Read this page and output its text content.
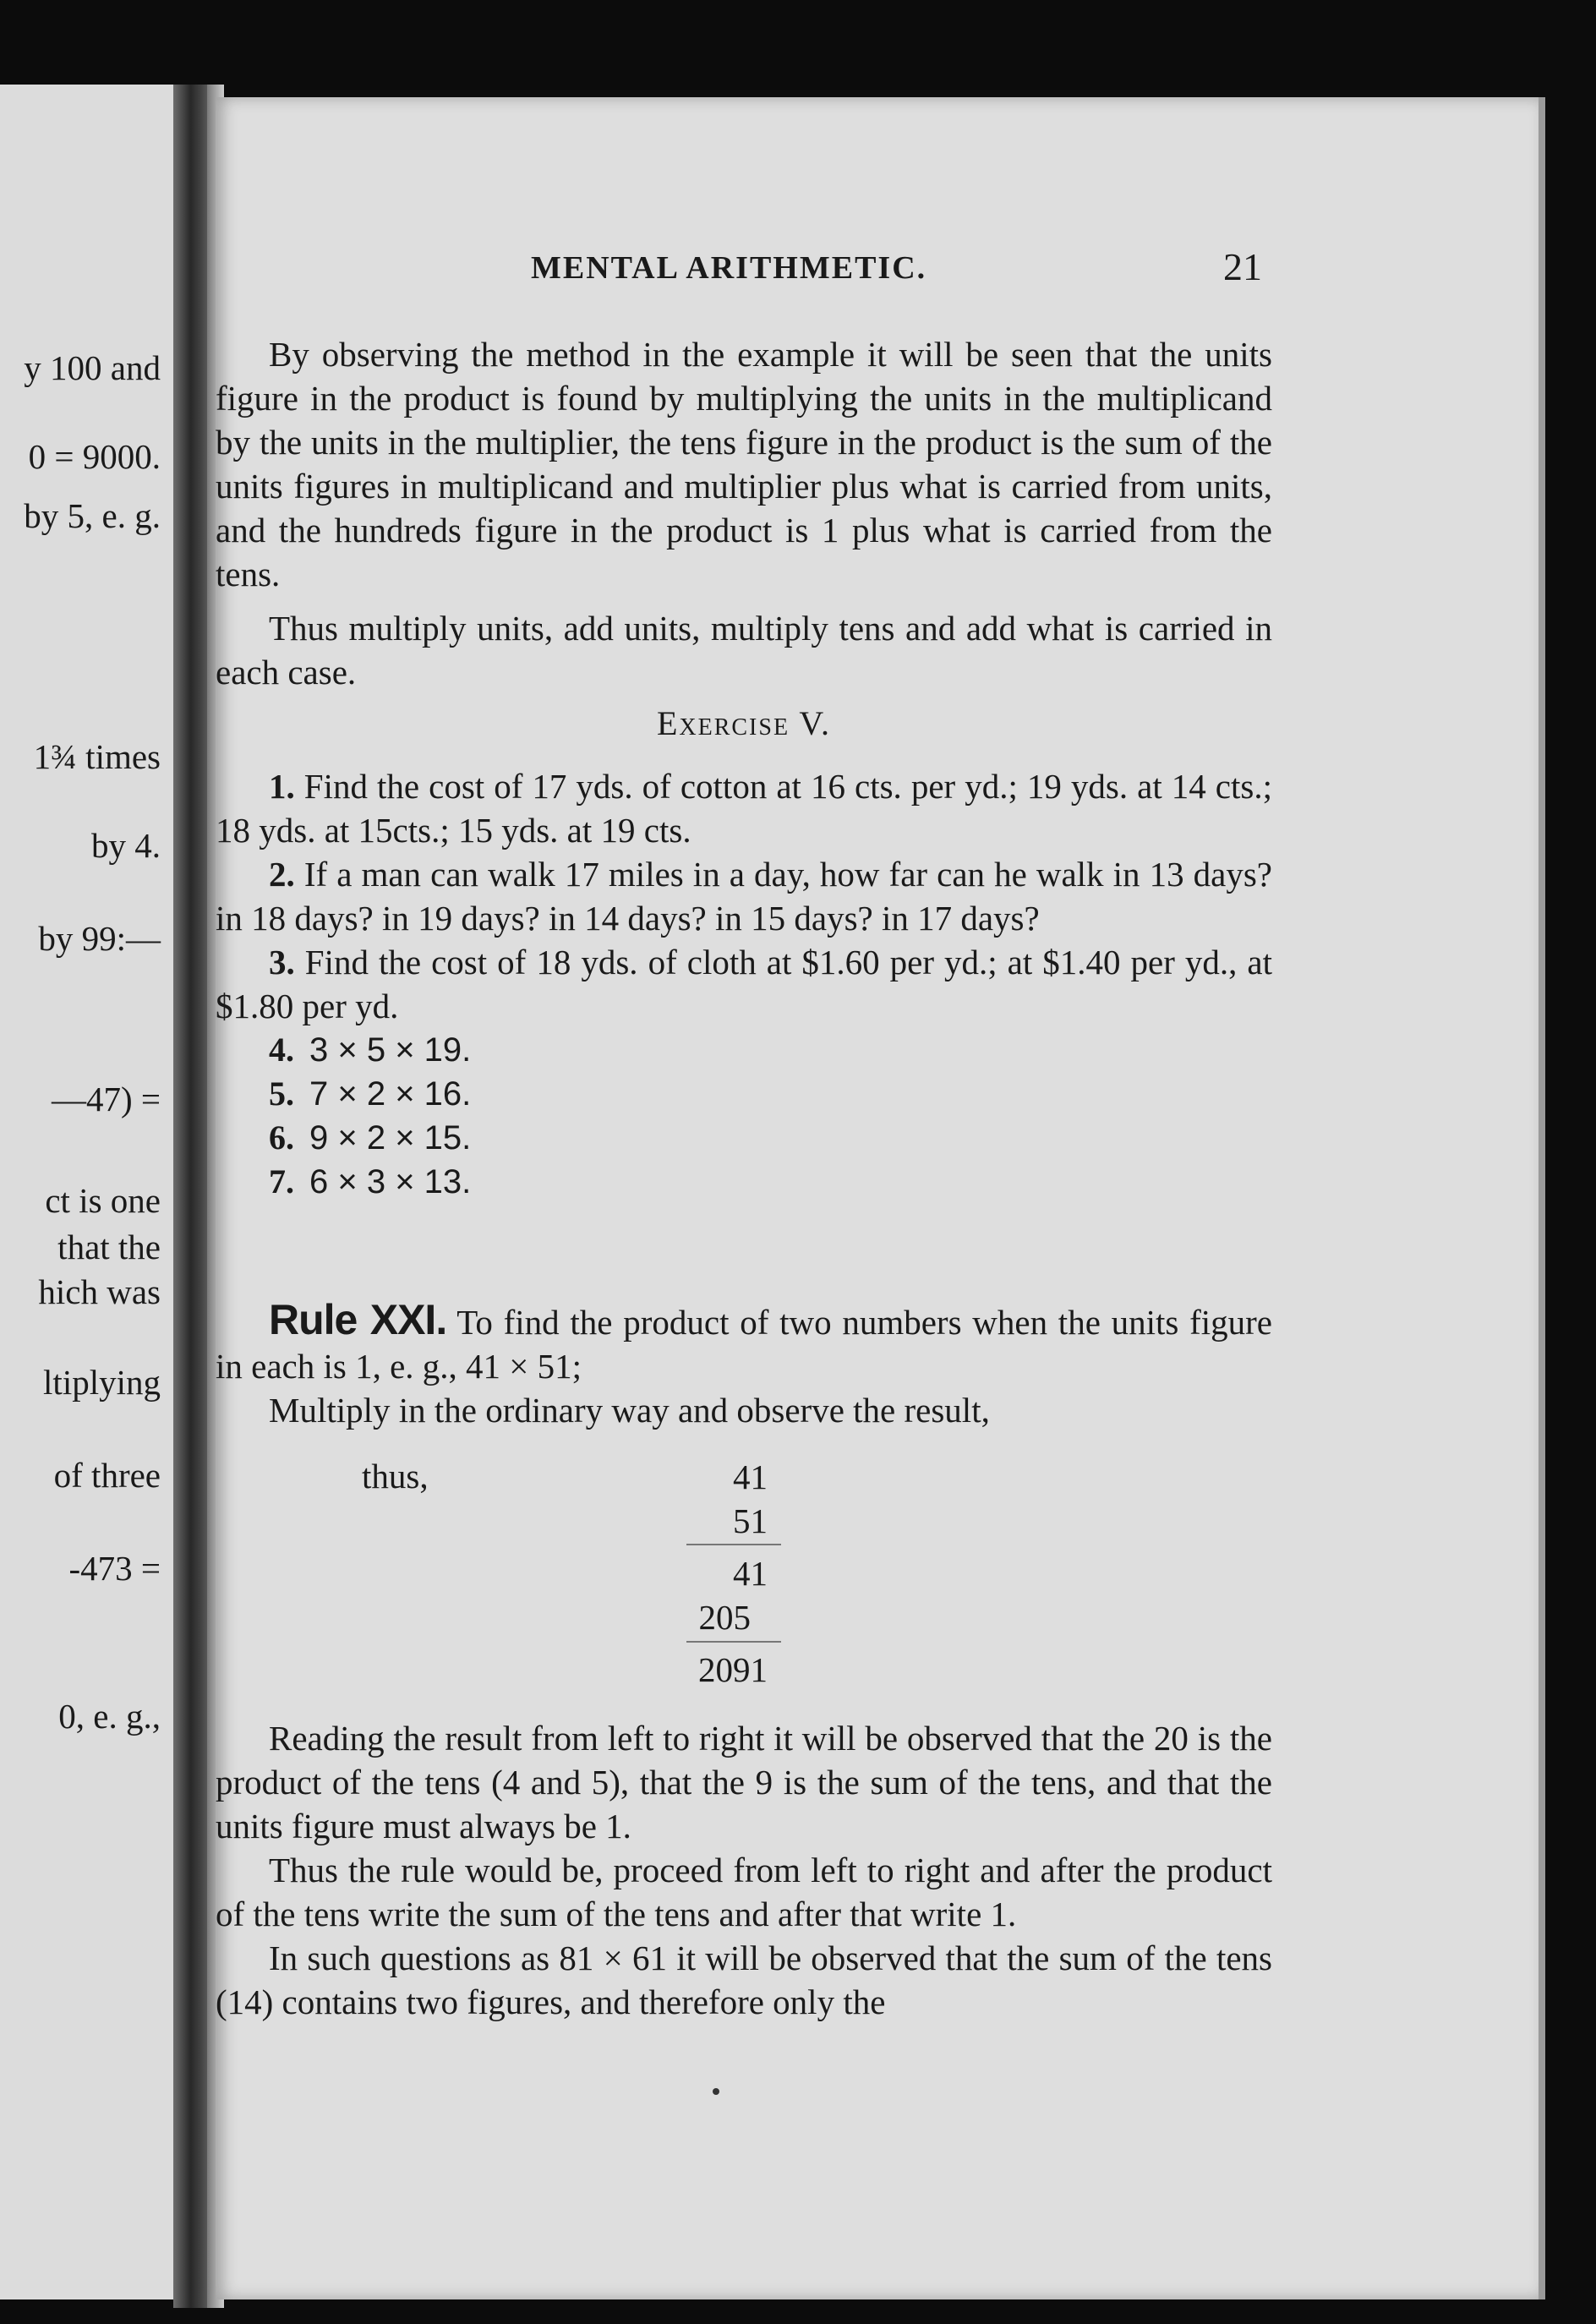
y 100 and
0 = 9000.
by 5, e. g.
1¾ times
by 4.
by 99:—
—47) =
ct is one
that the
hich was
ltiplying
of three
-473 =
0, e. g.,
MENTAL ARITHMETIC.	21

By observing the method in the example it will be seen that the units figure in the product is found by multiplying the units in the multiplicand by the units in the multiplier, the tens figure in the product is the sum of the units figures in multiplicand and multiplier plus what is carried from units, and the hundreds figure in the product is 1 plus what is carried from the tens.

Thus multiply units, add units, multiply tens and add what is carried in each case.

Exercise V.

1. Find the cost of 17 yds. of cotton at 16 cts. per yd.; 19 yds. at 14 cts.; 18 yds. at 15cts.; 15 yds. at 19 cts.

2. If a man can walk 17 miles in a day, how far can he walk in 13 days? in 18 days? in 19 days? in 14 days? in 15 days? in 17 days?

3. Find the cost of 18 yds. of cloth at $1.60 per yd.; at $1.40 per yd., at $1.80 per yd.

4. 3 × 5 × 19.

5. 7 × 2 × 16.

6. 9 × 2 × 15.

7. 6 × 3 × 13.

Rule XXI. To find the product of two numbers when the units figure in each is 1, e. g., 41 × 51;

Multiply in the ordinary way and observe the result,

thus,	41
51
41
205
2091

Reading the result from left to right it will be observed that the 20 is the product of the tens (4 and 5), that the 9 is the sum of the tens, and that the units figure must always be 1.

Thus the rule would be, proceed from left to right and after the product of the tens write the sum of the tens and after that write 1.

In such questions as 81 × 61 it will be observed that the sum of the tens (14) contains two figures, and therefore only the
